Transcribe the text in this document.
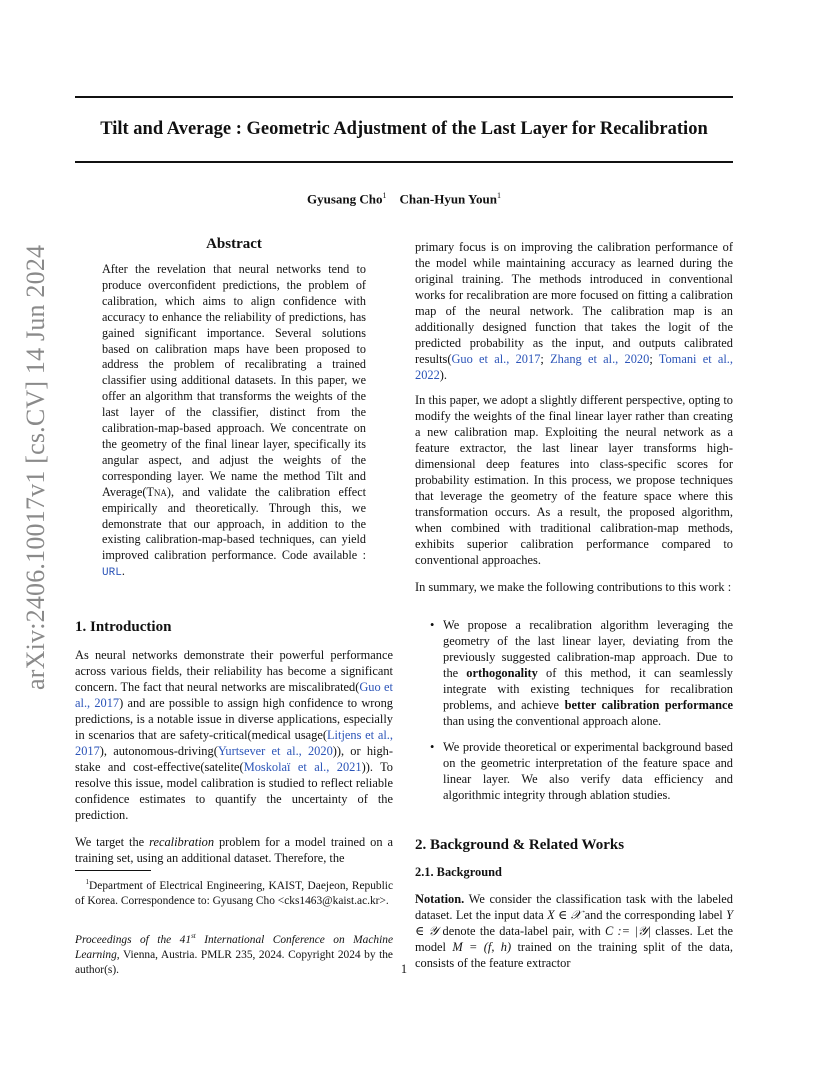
arXiv:2406.10017v1 [cs.CV] 14 Jun 2024
Tilt and Average : Geometric Adjustment of the Last Layer for Recalibration
Gyusang Cho$^1$ Chan-Hyun Youn$^1$
Abstract
After the revelation that neural networks tend to produce overconfident predictions, the problem of calibration, which aims to align confidence with accuracy to enhance the reliability of predictions, has gained significant importance. Several solutions based on calibration maps have been proposed to address the problem of recalibrating a trained classifier using additional datasets. In this paper, we offer an algorithm that transforms the weights of the last layer of the classifier, distinct from the calibration-map-based approach. We concentrate on the geometry of the final linear layer, specifically its angular aspect, and adjust the weights of the corresponding layer. We name the method Tilt and Average(Tna), and validate the calibration effect empirically and theoretically. Through this, we demonstrate that our approach, in addition to the existing calibration-map-based techniques, can yield improved calibration performance. Code available : URL.
1. Introduction

As neural networks demonstrate their powerful performance across various fields, their reliability has become a significant concern. The fact that neural networks are miscalibrated(Guo et al., 2017) and are possible to assign high confidence to wrong predictions, is a notable issue in diverse applications, especially in scenarios that are safety-critical(medical usage(Litjens et al., 2017), autonomous-driving(Yurtsever et al., 2020)), or high-stake and cost-effective(satelite(Moskolaï et al., 2021)). To resolve this issue, model calibration is studied to reflect reliable confidence estimates to quantify the uncertainty of the prediction.

We target the recalibration problem for a model trained on a training set, using an additional dataset. Therefore, the

$^1$Department of Electrical Engineering, KAIST, Daejeon, Republic of Korea. Correspondence to: Gyusang Cho <cks1463@kaist.ac.kr>.
Proceedings of the 41st International Conference on Machine Learning, Vienna, Austria. PMLR 235, 2024. Copyright 2024 by the author(s).

primary focus is on improving the calibration performance of the model while maintaining accuracy as learned during the original training. The methods introduced in conventional works for recalibration are more focused on fitting a calibration map of the neural network. The calibration map is an additionally designed function that takes the logit of the predicted probability as the input, and outputs calibrated results(Guo et al., 2017; Zhang et al., 2020; Tomani et al., 2022).

In this paper, we adopt a slightly different perspective, opting to modify the weights of the final linear layer rather than creating a new calibration map. Exploiting the neural network as a feature extractor, the last linear layer transforms high-dimensional deep features into class-specific scores for probability estimation. In this process, we propose techniques that leverage the geometry of the feature space where this transformation occurs. As a result, the proposed algorithm, when combined with traditional calibration-map methods, exhibits superior calibration performance compared to conventional approaches.

In summary, we make the following contributions to this work :

• We propose a recalibration algorithm leveraging the geometry of the last linear layer, deviating from the previously suggested calibration-map approach. Due to the orthogonality of this method, it can seamlessly integrate with existing techniques for recalibration problems, and achieve better calibration performance than using the conventional approach alone.
• We provide theoretical or experimental background based on the geometric interpretation of the feature space and linear layer. We also verify data efficiency and algorithmic integrity through ablation studies.
2. Background & Related Works
2.1. Background

Notation. We consider the classification task with the labeled dataset. Let the input data X ∈ 𝒳 and the corresponding label Y ∈ 𝒴 denote the data-label pair, with C := |𝒴| classes. Let the model M = (f, h) trained on the training split of the data, consists of the feature extractor

1
